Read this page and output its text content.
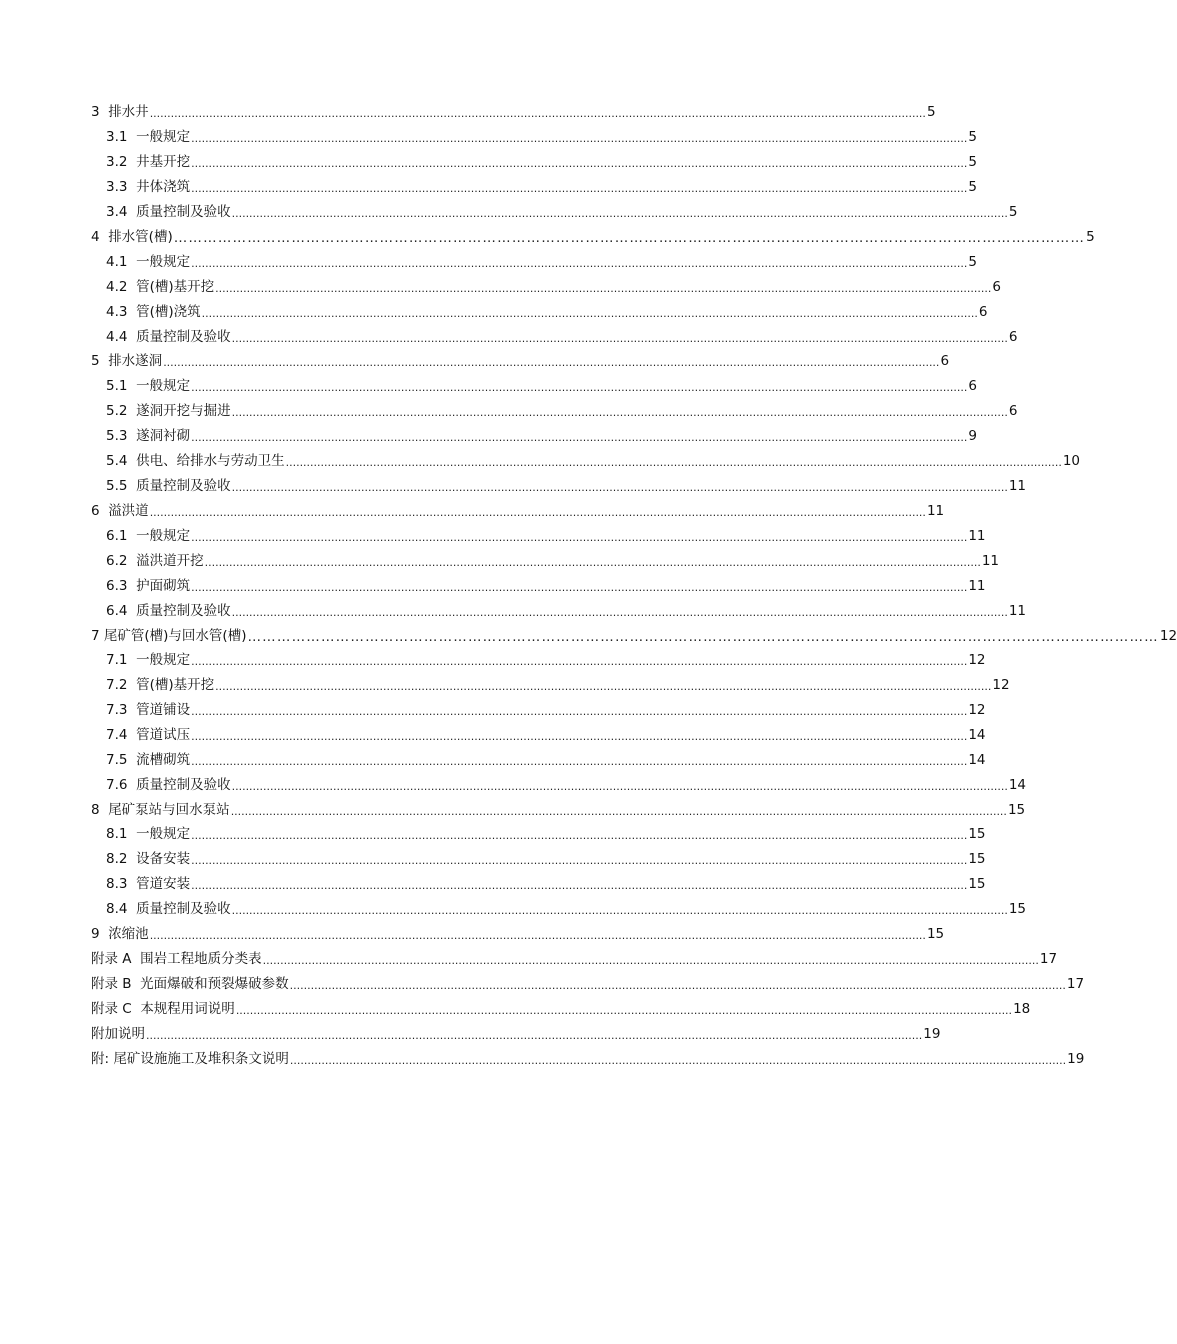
3 排水井 .............................................................................................................................................................................................................................. 5
3.1 一般规定 .............................................................................................................................................................................................................................. 5
3.2 井基开挖 .............................................................................................................................................................................................................................. 5
3.3 井体浇筑 .............................................................................................................................................................................................................................. 5
3.4 质量控制及验收 .............................................................................................................................................................................................................................. 5
4 排水管(槽) …………………………………………………………………………………………………………………………………………………………………… 5
4.1 一般规定 .............................................................................................................................................................................................................................. 5
4.2 管(槽)基开挖 .............................................................................................................................................................................................................................. 6
4.3 管(槽)浇筑 .............................................................................................................................................................................................................................. 6
4.4 质量控制及验收 .............................................................................................................................................................................................................................. 6
5 排水遂洞 .............................................................................................................................................................................................................................. 6
5.1 一般规定 .............................................................................................................................................................................................................................. 6
5.2 遂洞开挖与掘进 .............................................................................................................................................................................................................................. 6
5.3 遂洞衬砌 .............................................................................................................................................................................................................................. 9
5.4 供电、给排水与劳动卫生 .............................................................................................................................................................................................................................. 10
5.5 质量控制及验收 .............................................................................................................................................................................................................................. 11
6 溢洪道 .............................................................................................................................................................................................................................. 11
6.1 一般规定 .............................................................................................................................................................................................................................. 11
6.2 溢洪道开挖 .............................................................................................................................................................................................................................. 11
6.3 护面砌筑 .............................................................................................................................................................................................................................. 11
6.4 质量控制及验收 .............................................................................................................................................................................................................................. 11
7 尾矿管(槽)与回水管(槽) …………………………………………………………………………………………………………………………………………………………………… 12
7.1 一般规定 .............................................................................................................................................................................................................................. 12
7.2 管(槽)基开挖 .............................................................................................................................................................................................................................. 12
7.3 管道铺设 .............................................................................................................................................................................................................................. 12
7.4 管道试压 .............................................................................................................................................................................................................................. 14
7.5 流槽砌筑 .............................................................................................................................................................................................................................. 14
7.6 质量控制及验收 .............................................................................................................................................................................................................................. 14
8 尾矿泵站与回水泵站 .............................................................................................................................................................................................................................. 15
8.1 一般规定 .............................................................................................................................................................................................................................. 15
8.2 设备安装 .............................................................................................................................................................................................................................. 15
8.3 管道安装 .............................................................................................................................................................................................................................. 15
8.4 质量控制及验收 .............................................................................................................................................................................................................................. 15
9 浓缩池 .............................................................................................................................................................................................................................. 15
附录 A 围岩工程地质分类表 .............................................................................................................................................................................................................................. 17
附录 B 光面爆破和预裂爆破参数 .............................................................................................................................................................................................................................. 17
附录 C 本规程用词说明 .............................................................................................................................................................................................................................. 18
附加说明 .............................................................................................................................................................................................................................. 19
附: 尾矿设施施工及堆积条文说明 .............................................................................................................................................................................................................................. 19
